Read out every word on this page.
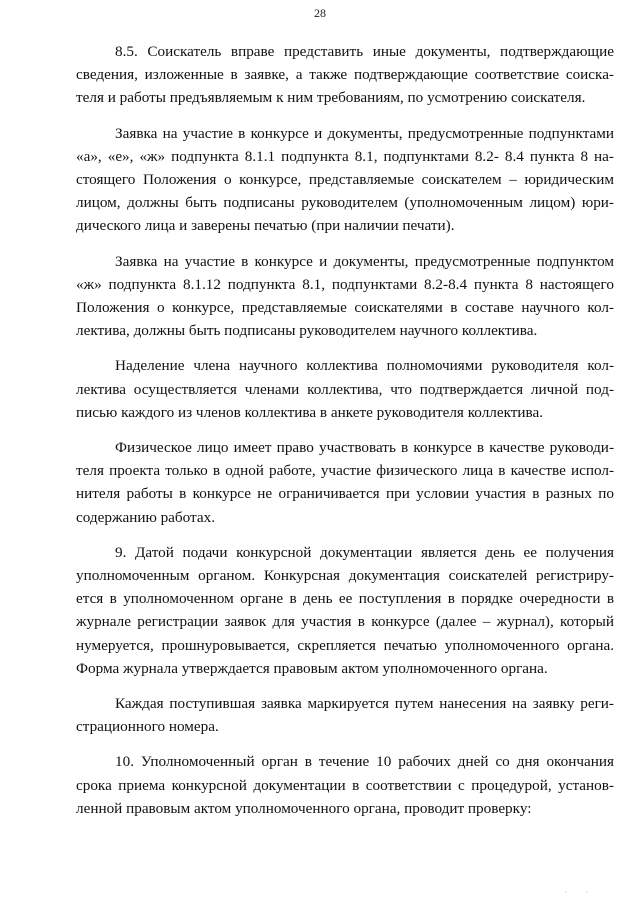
28

8.5. Соискатель вправе представить иные документы, подтверждающие
сведения, изложенные в заявке, а также подтверждающие соответствие соиска-
теля и работы предъявляемым к ним требованиям, по усмотрению соискателя.

Заявка на участие в конкурсе и документы, предусмотренные подпунктами
«а», «е», «ж» подпункта 8.1.1 подпункта 8.1, подпунктами 8.2- 8.4 пункта 8 на-
стоящего Положения о конкурсе, представляемые соискателем – юридическим
лицом, должны быть подписаны руководителем (уполномоченным лицом) юри-
дического лица и заверены печатью (при наличии печати).

Заявка на участие в конкурсе и документы, предусмотренные подпунктом
«ж» подпункта 8.1.12 подпункта 8.1, подпунктами 8.2-8.4 пункта 8 настоящего
Положения о конкурсе, представляемые соискателями в составе научного кол-
лектива, должны быть подписаны руководителем научного коллектива.

Наделение члена научного коллектива полномочиями руководителя кол-
лектива осуществляется членами коллектива, что подтверждается личной под-
писью каждого из членов коллектива в анкете руководителя коллектива.

Физическое лицо имеет право участвовать в конкурсе в качестве руководи-
теля проекта только в одной работе, участие физического лица в качестве испол-
нителя работы в конкурсе не ограничивается при условии участия в разных по
содержанию работах.

9. Датой подачи конкурсной документации является день ее получения
уполномоченным органом. Конкурсная документация соискателей регистриру-
ется в уполномоченном органе в день ее поступления в порядке очередности в
журнале регистрации заявок для участия в конкурсе (далее – журнал), который
нумеруется, прошнуровывается, скрепляется печатью уполномоченного органа.
Форма журнала утверждается правовым актом уполномоченного органа.

Каждая поступившая заявка маркируется путем нанесения на заявку реги-
страционного номера.

10. Уполномоченный орган в течение 10 рабочих дней со дня окончания
срока приема конкурсной документации в соответствии с процедурой, установ-
ленной правовым актом уполномоченного органа, проводит проверку:

· ·
